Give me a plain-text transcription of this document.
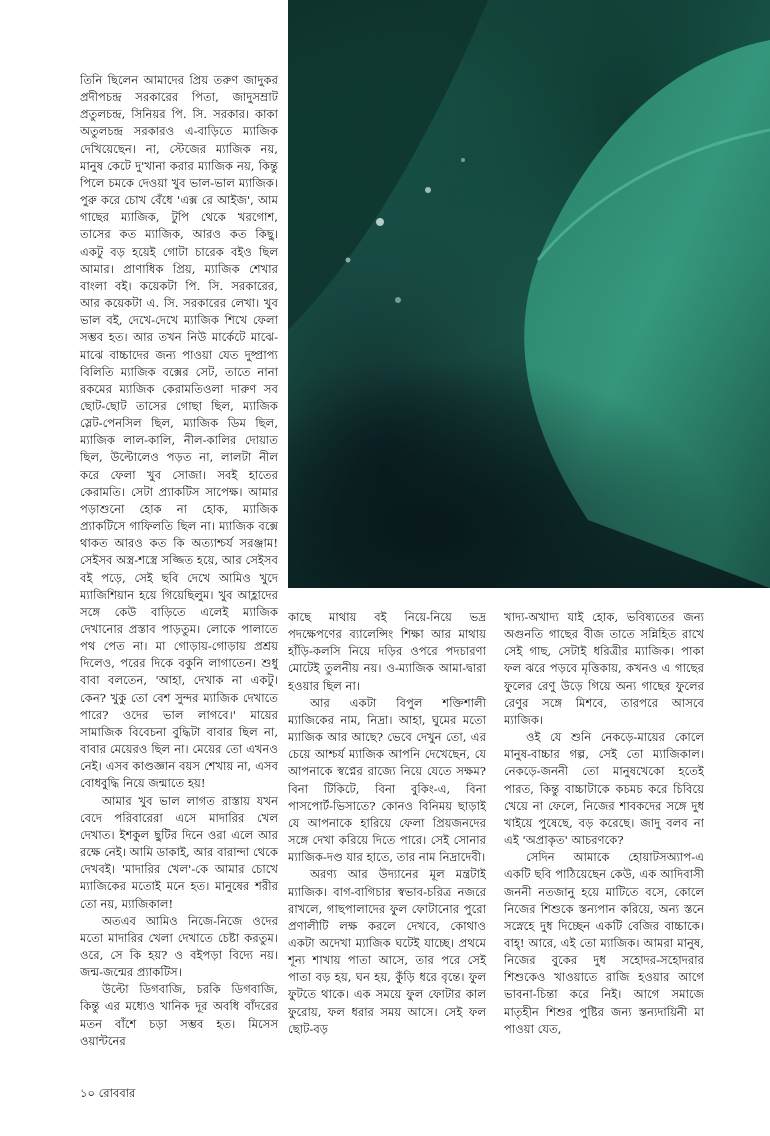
তিনি ছিলেন আমাদের প্রিয় তরুণ জাদুকর প্রদীপচন্দ্র সরকারের পিতা, জাদুসম্রাট প্রতুলচন্দ্র, সিনিয়র পি. সি. সরকার। কাকা অতুলচন্দ্র সরকারও এ-বাড়িতে ম্যাজিক দেখিয়েছেন। না, স্টেজের ম্যাজিক নয়, মানুষ কেটে দু'খানা করার ম্যাজিক নয়, কিন্তু পিলে চমকে দেওয়া খুব ভাল-ভাল ম্যাজিক। পুরু করে চোখ বেঁধে 'এক্স রে আইজ', আম গাছের ম্যাজিক, টুপি থেকে খরগোশ, তাসের কত ম্যাজিক, আরও কত কিছু। একটু বড় হয়েই গোটা চারেক বইও ছিল আমার। প্রাণাধিক প্রিয়, ম্যাজিক শেখার বাংলা বই। কয়েকটা পি. সি. সরকারের, আর কয়েকটা এ. সি. সরকারের লেখা। খুব ভাল বই, দেখে-দেখে ম্যাজিক শিখে ফেলা সম্ভব হত। আর তখন নিউ মার্কেটে মাঝে-মাঝে বাচ্চাদের জন্য পাওয়া যেত দুষ্প্রাপ্য বিলিতি ম্যাজিক বক্সের সেট, তাতে নানা রকমের ম্যাজিক কেরামতিওলা দারুণ সব ছোট-ছোট তাসের গোছা ছিল, ম্যাজিক স্লেট-পেনসিল ছিল, ম্যাজিক ডিম ছিল, ম্যাজিক লাল-কালি, নীল-কালির দোয়াত ছিল, উল্টোলেও পড়ত না, লালটা নীল করে ফেলা খুব সোজা। সবই হাতের কেরামতি। সেটা প্র্যাকটিস সাপেক্ষ। আমার পড়াশুনো হোক না হোক, ম্যাজিক প্র্যাকটিসে গাফিলতি ছিল না। ম্যাজিক বক্সে থাকত আরও কত কি অত্যাশ্চর্য সরঞ্জাম! সেইসব অস্ত্র-শস্ত্রে সজ্জিত হয়ে, আর সেইসব বই পড়ে, সেই ছবি দেখে আমিও খুদে ম্যাজিশিয়ান হয়ে গিয়েছিলুম। খুব আহ্লাদের সঙ্গে কেউ বাড়িতে এলেই ম্যাজিক দেখানোর প্রস্তাব পাড়তুম। লোকে পালাতে পথ পেত না। মা গোড়ায়-গোড়ায় প্রশ্রয় দিলেও, পরের দিকে বকুনি লাগাতেন। শুধু বাবা বলতেন, 'আহা, দেখাক না একটু। কেন? খুকু তো বেশ সুন্দর ম্যাজিক দেখাতে পারে? ওদের ভাল লাগবে।' মায়ের সামাজিক বিবেচনা বুদ্ধিটা বাবার ছিল না, বাবার মেয়েরও ছিল না। মেয়ের তো এখনও নেই। এসব কাণ্ডজ্ঞান বয়স শেখায় না, এসব বোধবুদ্ধি নিয়ে জন্মাতে হয়!

আমার খুব ভাল লাগত রাস্তায় যখন বেদে পরিবারেরা এসে মাদারির খেল দেখাত। ইশকুল ছুটির দিনে ওরা এলে আর রক্ষে নেই। আমি ডাকাই, আর বারান্দা থেকে দেখবই। 'মাদারির খেল'-কে আমার চোখে ম্যাজিকের মতোই মনে হত। মানুষের শরীর তো নয়, ম্যাজিকাল!

অতএব আমিও নিজে-নিজে ওদের মতো মাদারির খেলা দেখাতে চেষ্টা করতুম। ওরে, সে কি হয়? ও বইপড়া বিদ্যে নয়। জন্ম-জন্মের প্র্যাকটিস।

উল্টো ডিগবাজি, চরকি ডিগবাজি, কিন্তু এর মধ্যেও খানিক দূর অবধি বাঁদরের মতন বাঁশে চড়া সম্ভব হত। মিসেস ওয়ান্টনের

কাছে মাথায় বই নিয়ে-নিয়ে ভদ্র পদক্ষেপণের ব্যালেন্সিং শিক্ষা আর মাথায় হাঁড়ি-কলসি নিয়ে দড়ির ওপরে পদচারণা মোটেই তুলনীয় নয়। ও-ম্যাজিক আমা-দ্বারা হওয়ার ছিল না।

আর একটা বিপুল শক্তিশালী ম্যাজিকের নাম, নিদ্রা। আহা, ঘুমের মতো ম্যাজিক আর আছে? ভেবে দেখুন তো, এর চেয়ে আশ্চর্য ম্যাজিক আপনি দেখেছেন, যে আপনাকে স্বপ্নের রাজ্যে নিয়ে যেতে সক্ষম? বিনা টিকিটে, বিনা বুকিং-এ, বিনা পাসপোর্ট-ভিসাতে? কোনও বিনিময় ছাড়াই যে আপনাকে হারিয়ে ফেলা প্রিয়জনদের সঙ্গে দেখা করিয়ে দিতে পারে। সেই সোনার ম্যাজিক-দণ্ড যার হাতে, তার নাম নিদ্রাদেবী।

অরণ্য আর উদ্যানের মূল মন্ত্রটাই ম্যাজিক। বাগ-বাগিচার স্বভাব-চরিত্র নজরে রাখলে, গাছপালাদের ফুল ফোটানোর পুরো প্রণালীটি লক্ষ করলে দেখবে, কোথাও একটা অদেখা ম্যাজিক ঘটেই যাচ্ছে। প্রথমে শূন্য শাখায় পাতা আসে, তার পরে সেই পাতা বড় হয়, ঘন হয়, কুঁড়ি ধরে বৃন্তে। ফুল ফুটতে থাকে। এক সময়ে ফুল ফোটার কাল ফুরোয়, ফল ধরার সময় আসে। সেই ফল ছোট-বড়

খাদ্য-অখাদ্য যাই হোক, ভবিষ্যতের জন্য অগুনতি গাছের বীজ তাতে সন্নিহিত রাখে সেই গাছ, সেটাই ধরিত্রীর ম্যাজিক। পাকা ফল ঝরে পড়বে মৃত্তিকায়, কখনও এ গাছের ফুলের রেণু উড়ে গিয়ে অন্য গাছের ফুলের রেণুর সঙ্গে মিশবে, তারপরে আসবে ম্যাজিক।

ওই যে শুনি নেকড়ে-মায়ের কোলে মানুষ-বাচ্চার গল্প, সেই তো ম্যাজিকাল। নেকড়ে-জননী তো মানুষখেকো হতেই পারত, কিন্তু বাচ্চাটাকে কচমচ করে চিবিয়ে খেয়ে না ফেলে, নিজের শাবকদের সঙ্গে দুধ খাইয়ে পুষেছে, বড় করেছে। জাদু বলব না এই 'অপ্রাকৃত' আচরণকে?

সেদিন আমাকে হোয়াটসঅ্যাপ-এ একটি ছবি পাঠিয়েছেন কেউ, এক আদিবাসী জননী নতজানু হয়ে মাটিতে বসে, কোলে নিজের শিশুকে স্তন্যপান করিয়ে, অন্য স্তনে সস্নেহে দুধ দিচ্ছেন একটি বেজির বাচ্চাকে। বাহ্! আরে, এই তো ম্যাজিক। আমরা মানুষ, নিজের বুকের দুধ সহোদর-সহোদরার শিশুকেও খাওয়াতে রাজি হওয়ার আগে ভাবনা-চিন্তা করে নিই। আগে সমাজে মাতৃহীন শিশুর পুষ্টির জন্য স্তন্যদায়িনী মা পাওয়া যেত,

১০ রোববার
